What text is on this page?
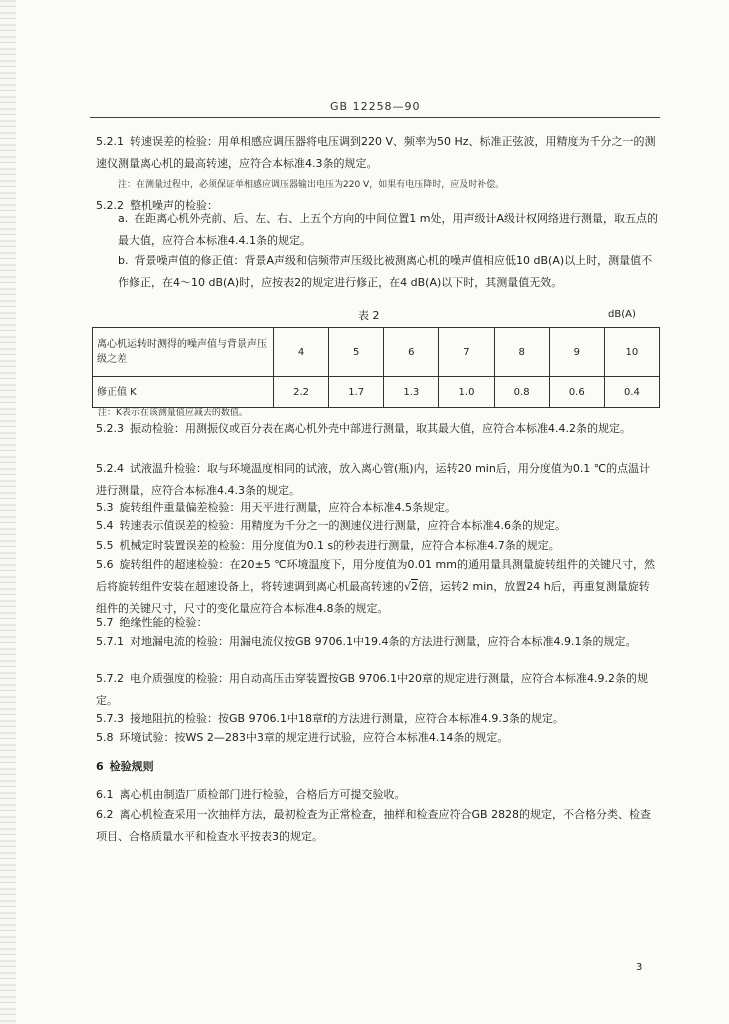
GB 12258—90
5.2.1 转速误差的检验：用单相感应调压器将电压调到220 V、频率为50 Hz、标准正弦波，用精度为千分之一的测速仪测量离心机的最高转速，应符合本标准4.3条的规定。
注：在测量过程中，必须保证单相感应调压器输出电压为220 V，如果有电压降时，应及时补偿。
5.2.2 整机噪声的检验：
a. 在距离心机外壳前、后、左、右、上五个方向的中间位置1 m处，用声级计A级计权网络进行测量，取五点的最大值，应符合本标准4.4.1条的规定。
b. 背景噪声值的修正值：背景A声级和信频带声压级比被测离心机的噪声值相应低10 dB(A)以上时，测量值不作修正，在4～10 dB(A)时，应按表2的规定进行修正，在4 dB(A)以下时，其测量值无效。
表 2	dB(A)
离心机运转时测得的噪声值与背景声压级之差	4	5	6	7	8	9	10
修正值 K	2.2	1.7	1.3	1.0	0.8	0.6	0.4
注：K表示在该测量值应减去的数值。
5.2.3 振动检验：用测振仪或百分表在离心机外壳中部进行测量，取其最大值，应符合本标准4.4.2条的规定。
5.2.4 试液温升检验：取与环境温度相同的试液，放入离心管(瓶)内，运转20 min后，用分度值为0.1 ℃的点温计进行测量，应符合本标准4.4.3条的规定。
5.3 旋转组件重量偏差检验：用天平进行测量，应符合本标准4.5条规定。
5.4 转速表示值误差的检验：用精度为千分之一的测速仪进行测量，应符合本标准4.6条的规定。
5.5 机械定时装置误差的检验：用分度值为0.1 s的秒表进行测量，应符合本标准4.7条的规定。
5.6 旋转组件的超速检验：在20±5 ℃环境温度下，用分度值为0.01 mm的通用量具测量旋转组件的关键尺寸，然后将旋转组件安装在超速设备上，将转速调到离心机最高转速的√2倍，运转2 min，放置24 h后，再重复测量旋转组件的关键尺寸，尺寸的变化量应符合本标准4.8条的规定。
5.7 绝缘性能的检验：
5.7.1 对地漏电流的检验：用漏电流仪按GB 9706.1中19.4条的方法进行测量，应符合本标准4.9.1条的规定。
5.7.2 电介质强度的检验：用自动高压击穿装置按GB 9706.1中20章的规定进行测量，应符合本标准4.9.2条的规定。
5.7.3 接地阻抗的检验：按GB 9706.1中18章f的方法进行测量，应符合本标准4.9.3条的规定。
5.8 环境试验：按WS 2—283中3章的规定进行试验，应符合本标准4.14条的规定。
6 检验规则
6.1 离心机由制造厂质检部门进行检验，合格后方可提交验收。
6.2 离心机检查采用一次抽样方法，最初检查为正常检查，抽样和检查应符合GB 2828的规定，不合格分类、检查项目、合格质量水平和检查水平按表3的规定。
3
